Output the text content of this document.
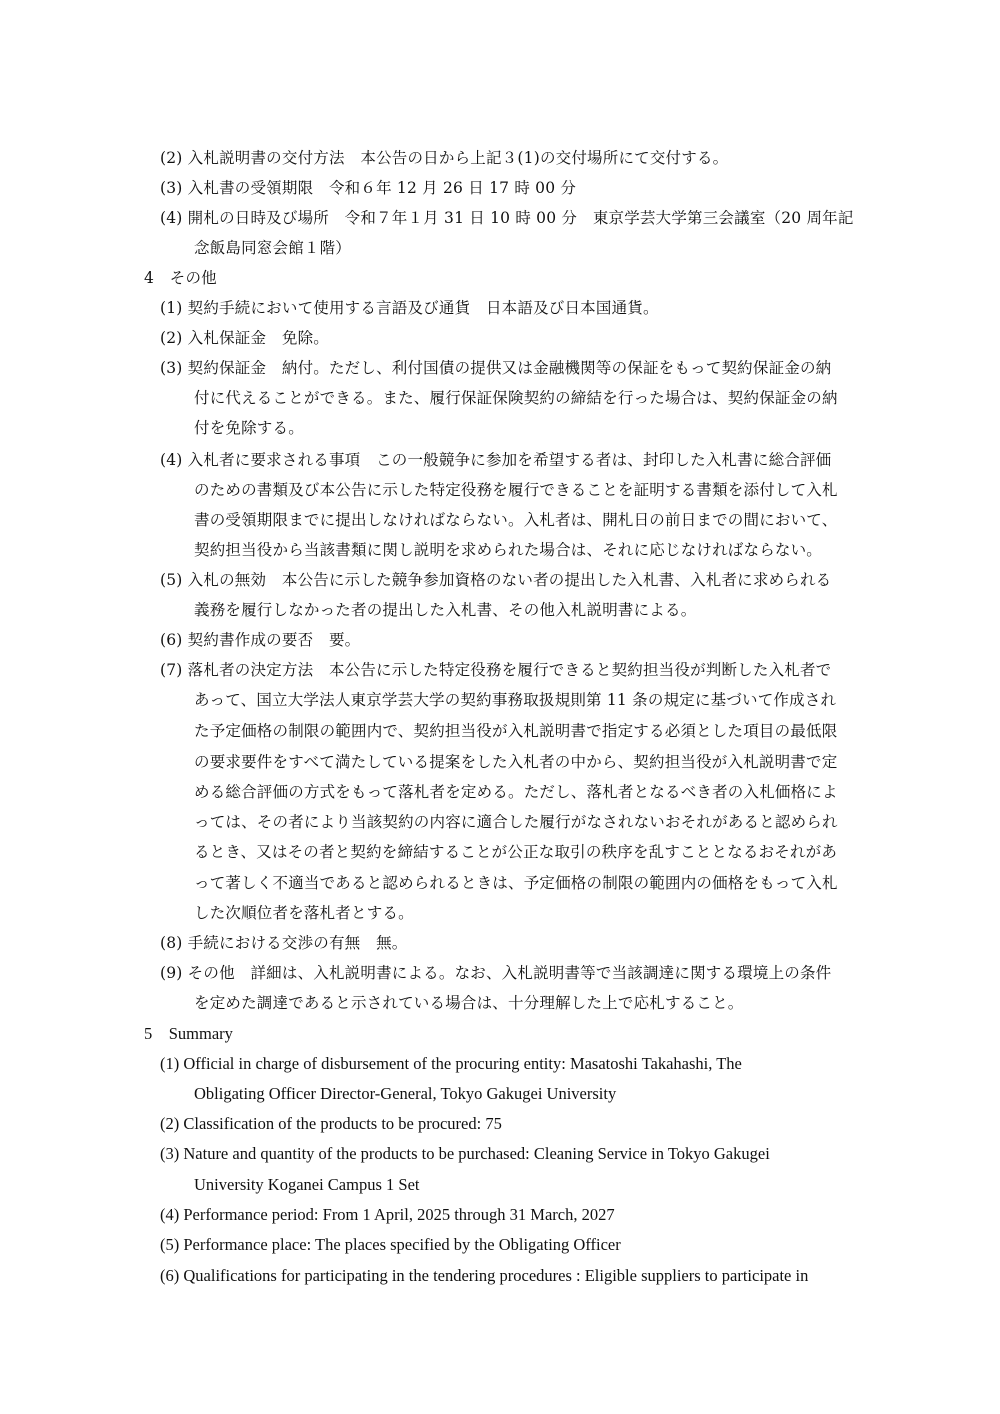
(2) 入札説明書の交付方法　本公告の日から上記３(1)の交付場所にて交付する。
(3) 入札書の受領期限　令和６年 12 月 26 日 17 時 00 分
(4) 開札の日時及び場所　令和７年１月 31 日 10 時 00 分　東京学芸大学第三会議室（20 周年記
念飯島同窓会館１階）
4　その他
(1) 契約手続において使用する言語及び通貨　日本語及び日本国通貨。
(2) 入札保証金　免除。
(3) 契約保証金　納付。ただし、利付国債の提供又は金融機関等の保証をもって契約保証金の納
付に代えることができる。また、履行保証保険契約の締結を行った場合は、契約保証金の納
付を免除する。
(4) 入札者に要求される事項　この一般競争に参加を希望する者は、封印した入札書に総合評価
のための書類及び本公告に示した特定役務を履行できることを証明する書類を添付して入札
書の受領期限までに提出しなければならない。入札者は、開札日の前日までの間において、
契約担当役から当該書類に関し説明を求められた場合は、それに応じなければならない。
(5) 入札の無効　本公告に示した競争参加資格のない者の提出した入札書、入札者に求められる
義務を履行しなかった者の提出した入札書、その他入札説明書による。
(6) 契約書作成の要否　要。
(7) 落札者の決定方法　本公告に示した特定役務を履行できると契約担当役が判断した入札者で
あって、国立大学法人東京学芸大学の契約事務取扱規則第 11 条の規定に基づいて作成され
た予定価格の制限の範囲内で、契約担当役が入札説明書で指定する必須とした項目の最低限
の要求要件をすべて満たしている提案をした入札者の中から、契約担当役が入札説明書で定
める総合評価の方式をもって落札者を定める。ただし、落札者となるべき者の入札価格によ
っては、その者により当該契約の内容に適合した履行がなされないおそれがあると認められ
るとき、又はその者と契約を締結することが公正な取引の秩序を乱すこととなるおそれがあ
って著しく不適当であると認められるときは、予定価格の制限の範囲内の価格をもって入札
した次順位者を落札者とする。
(8) 手続における交渉の有無　無。
(9) その他　詳細は、入札説明書による。なお、入札説明書等で当該調達に関する環境上の条件
を定めた調達であると示されている場合は、十分理解した上で応札すること。
5　Summary
(1) Official in charge of disbursement of the procuring entity: Masatoshi Takahashi, The
Obligating Officer Director-General, Tokyo Gakugei University
(2) Classification of the products to be procured: 75
(3) Nature and quantity of the products to be purchased: Cleaning Service in Tokyo Gakugei
University Koganei Campus 1 Set
(4) Performance period: From 1 April, 2025 through 31 March, 2027
(5) Performance place: The places specified by the Obligating Officer
(6) Qualifications for participating in the tendering procedures : Eligible suppliers to participate in
